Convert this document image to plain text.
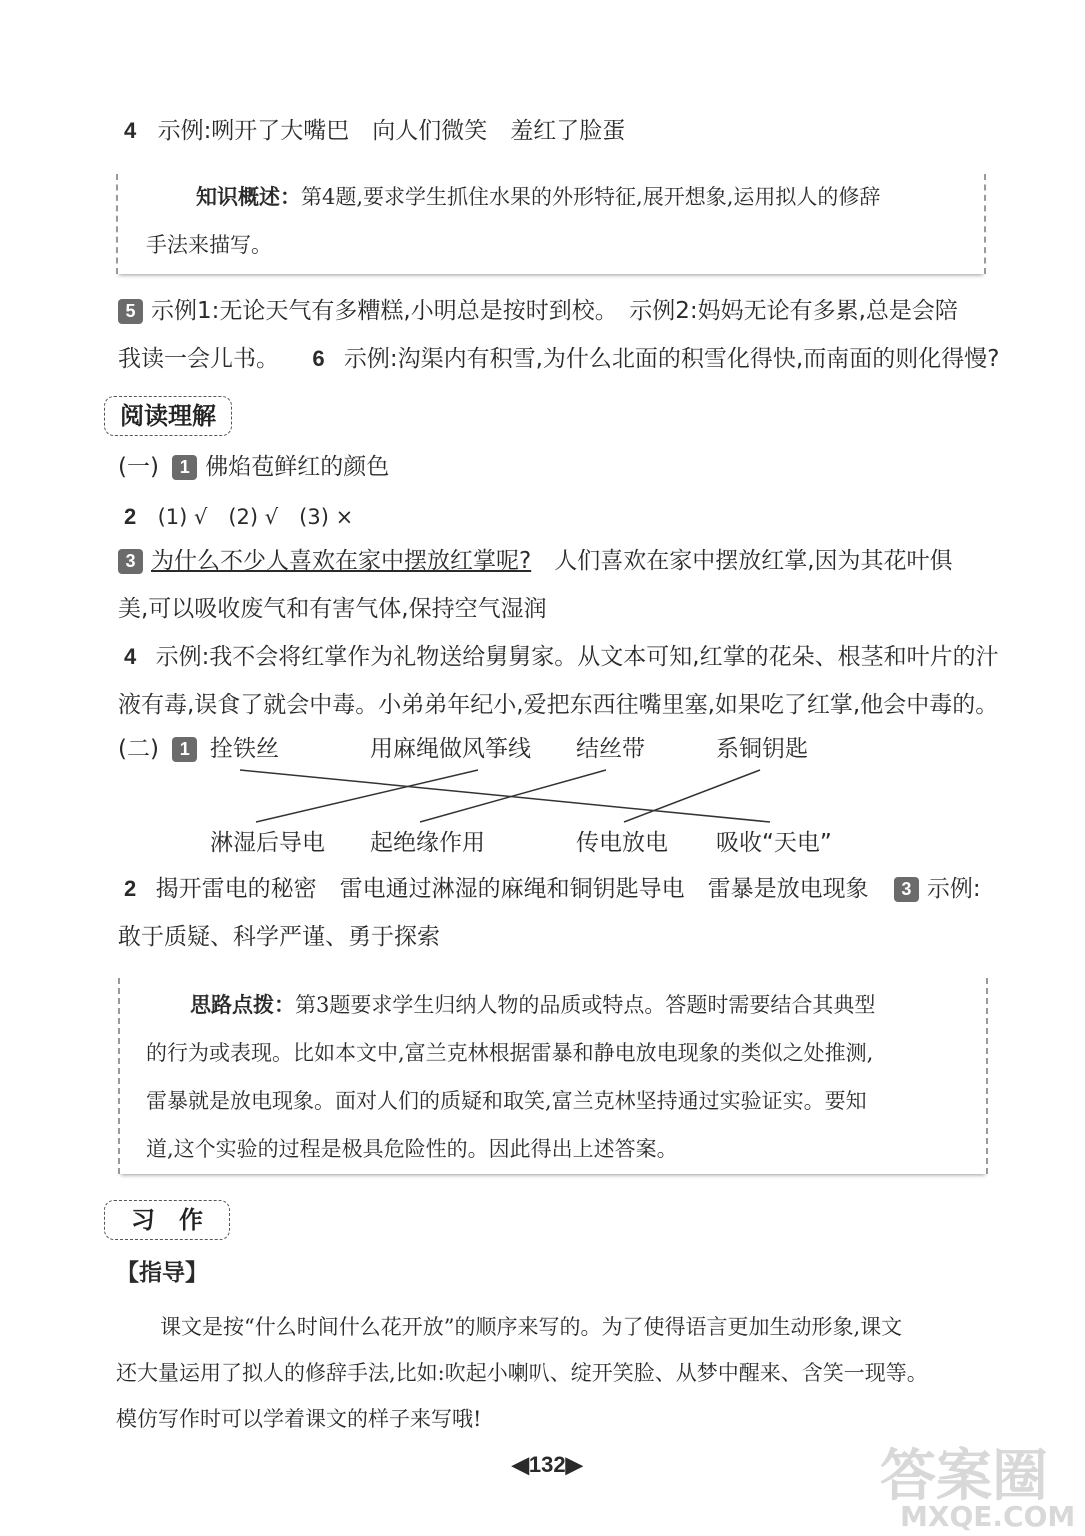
4 示例:咧开了大嘴巴　向人们微笑　羞红了脸蛋
知识概述：第4题,要求学生抓住水果的外形特征,展开想象,运用拟人的修辞
手法来描写。
5 示例1:无论天气有多糟糕,小明总是按时到校。　示例2:妈妈无论有多累,总是会陪
我读一会儿书。 6 示例:沟渠内有积雪,为什么北面的积雪化得快,而南面的则化得慢?
阅读理解
(一) 1 佛焰苞鲜红的颜色
2 (1) √　(2) √　(3) ×
3 为什么不少人喜欢在家中摆放红掌呢?　人们喜欢在家中摆放红掌,因为其花叶俱
美,可以吸收废气和有害气体,保持空气湿润
4 示例:我不会将红掌作为礼物送给舅舅家。从文本可知,红掌的花朵、根茎和叶片的汁
液有毒,误食了就会中毒。小弟弟年纪小,爱把东西往嘴里塞,如果吃了红掌,他会中毒的。
(二) 1 拴铁丝	用麻绳做风筝线 结丝带	系铜钥匙
淋湿后导电 起绝缘作用	传电放电 吸收“天电”
2 揭开雷电的秘密　雷电通过淋湿的麻绳和铜钥匙导电　雷暴是放电现象 3 示例:
敢于质疑、科学严谨、勇于探索
思路点拨：第3题要求学生归纳人物的品质或特点。答题时需要结合其典型
的行为或表现。比如本文中,富兰克林根据雷暴和静电放电现象的类似之处推测,
雷暴就是放电现象。面对人们的质疑和取笑,富兰克林坚持通过实验证实。要知
道,这个实验的过程是极具危险性的。因此得出上述答案。
习　作
【指导】
课文是按“什么时间什么花开放”的顺序来写的。为了使得语言更加生动形象,课文
还大量运用了拟人的修辞手法,比如:吹起小喇叭、绽开笑脸、从梦中醒来、含笑一现等。
模仿写作时可以学着课文的样子来写哦!
◀132▶	答案圈
MXQE.COM
